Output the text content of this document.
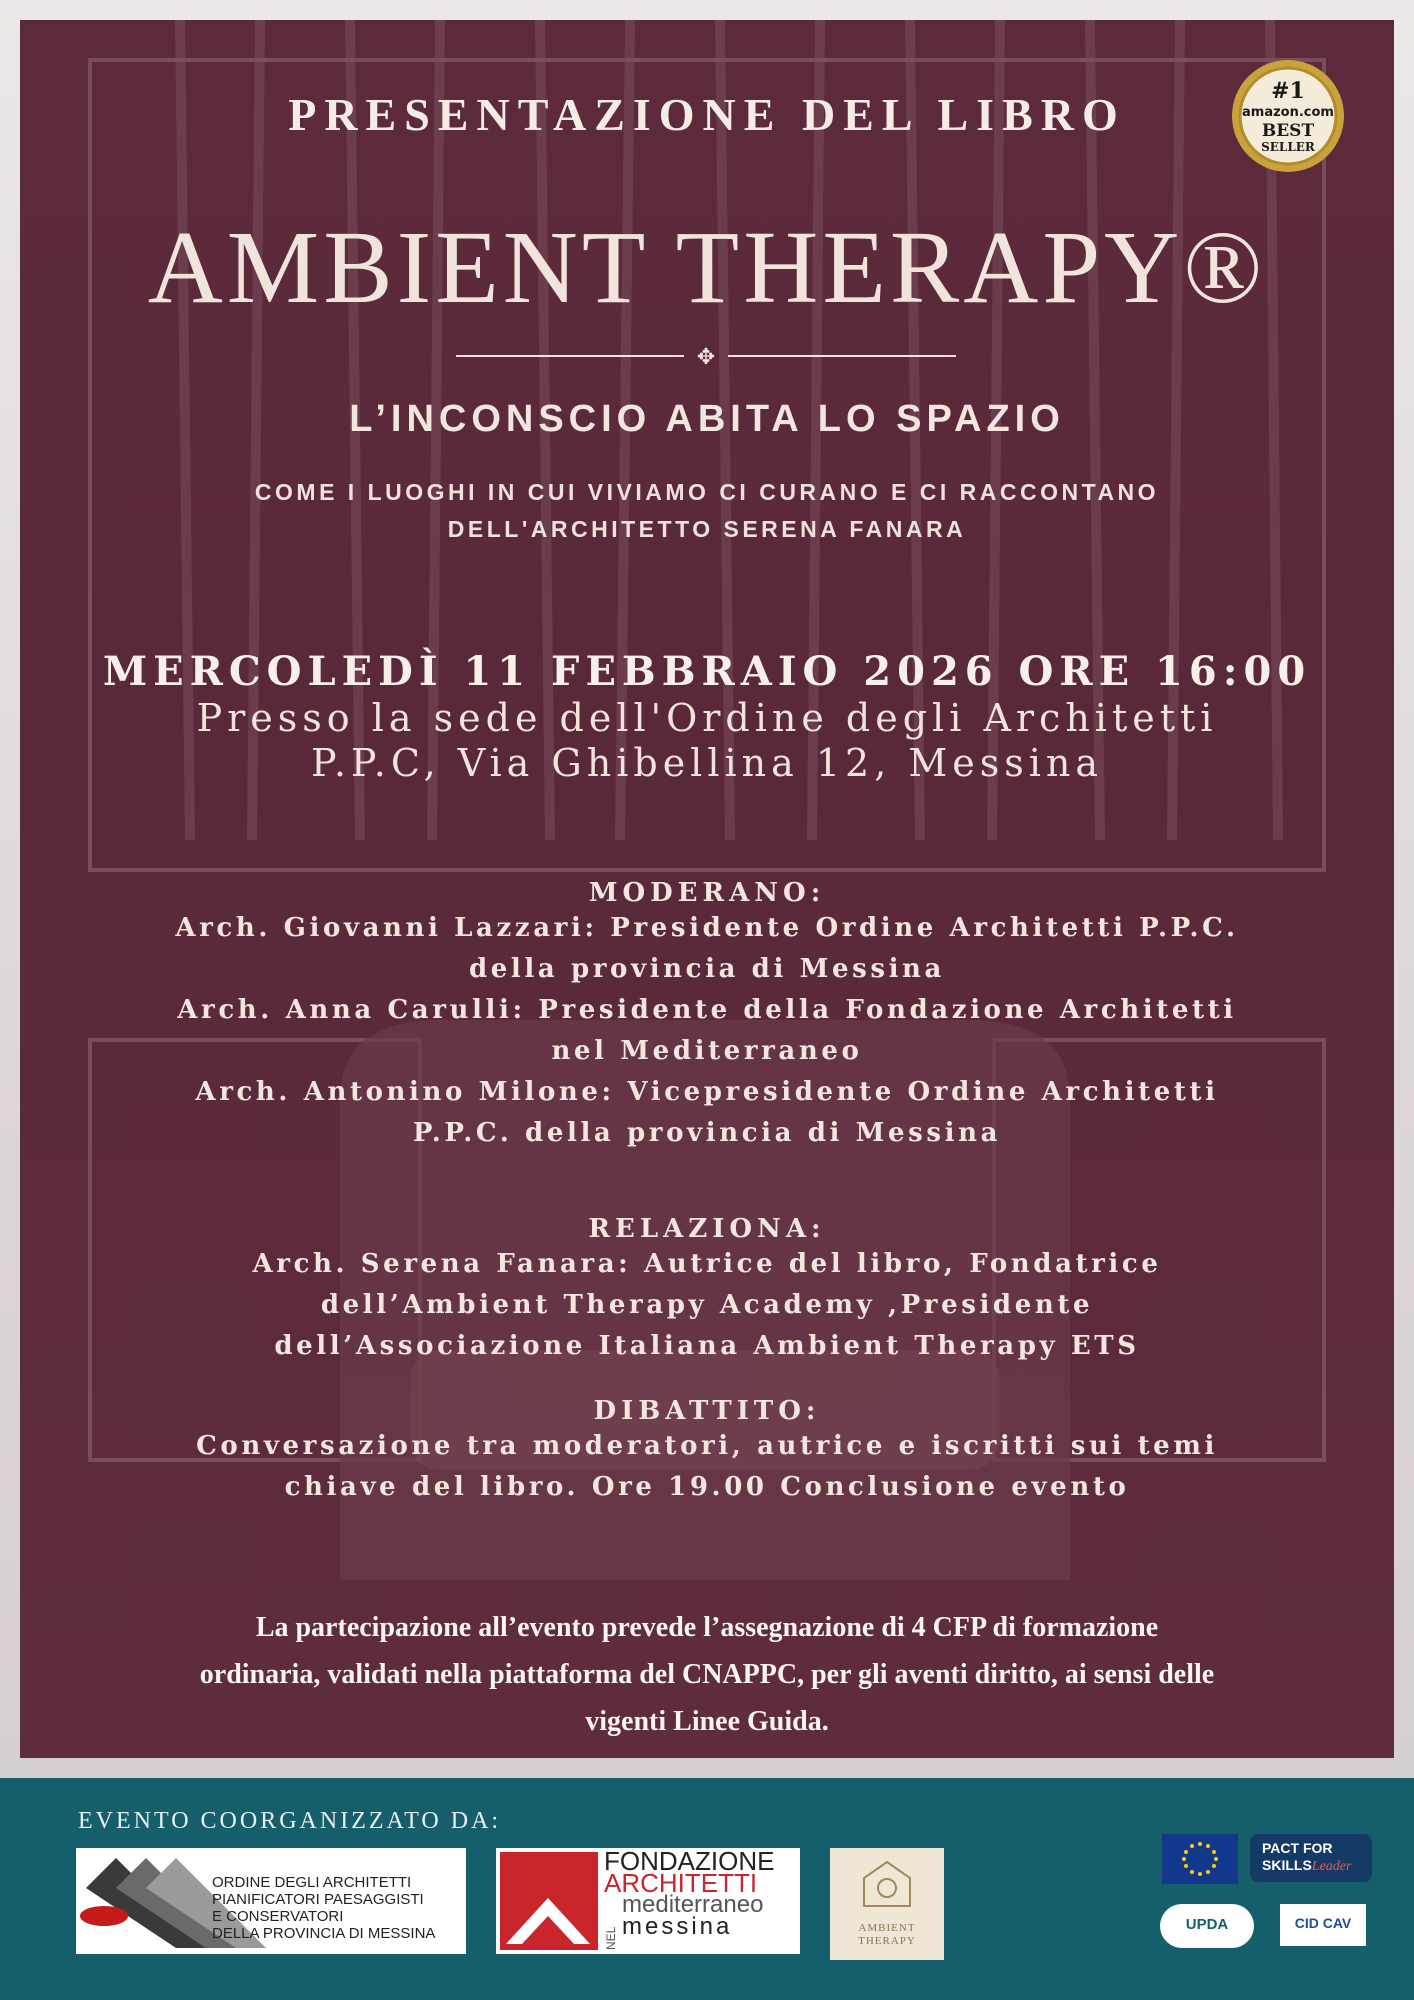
#1
amazon.com
BEST
SELLER
PRESENTAZIONE DEL LIBRO
AMBIENT THERAPY®
✥
L’INCONSCIO ABITA LO SPAZIO
COME I LUOGHI IN CUI VIVIAMO CI CURANO E CI RACCONTANO
DELL'ARCHITETTO SERENA FANARA
MERCOLEDÌ 11 FEBBRAIO 2026 ORE 16:00
Presso la sede dell'Ordine degli Architetti
P.P.C, Via Ghibellina 12, Messina
MODERANO:
Arch. Giovanni Lazzari: Presidente Ordine Architetti P.P.C.
della provincia di Messina
Arch. Anna Carulli: Presidente della Fondazione Architetti
nel Mediterraneo
Arch. Antonino Milone: Vicepresidente Ordine Architetti
P.P.C. della provincia di Messina
RELAZIONA:
Arch. Serena Fanara: Autrice del libro, Fondatrice
dell’Ambient Therapy Academy ,Presidente
dell’Associazione Italiana Ambient Therapy ETS
DIBATTITO:
Conversazione tra moderatori, autrice e iscritti sui temi
chiave del libro. Ore 19.00 Conclusione evento
La partecipazione all’evento prevede l’assegnazione di 4 CFP di formazione
ordinaria, validati nella piattaforma del CNAPPC, per gli aventi diritto, ai sensi delle
vigenti Linee Guida.
EVENTO COORGANIZZATO DA:
ORDINE DEGLI ARCHITETTI
PIANIFICATORI PAESAGGISTI
E CONSERVATORI
DELLA PROVINCIA DI MESSINA	NEL
FONDAZIONE
ARCHITETTI
mediterraneo
messina	AMBIENT
THERAPY
PACT FOR
SKILLSLeader
UPDA	CID CAV
